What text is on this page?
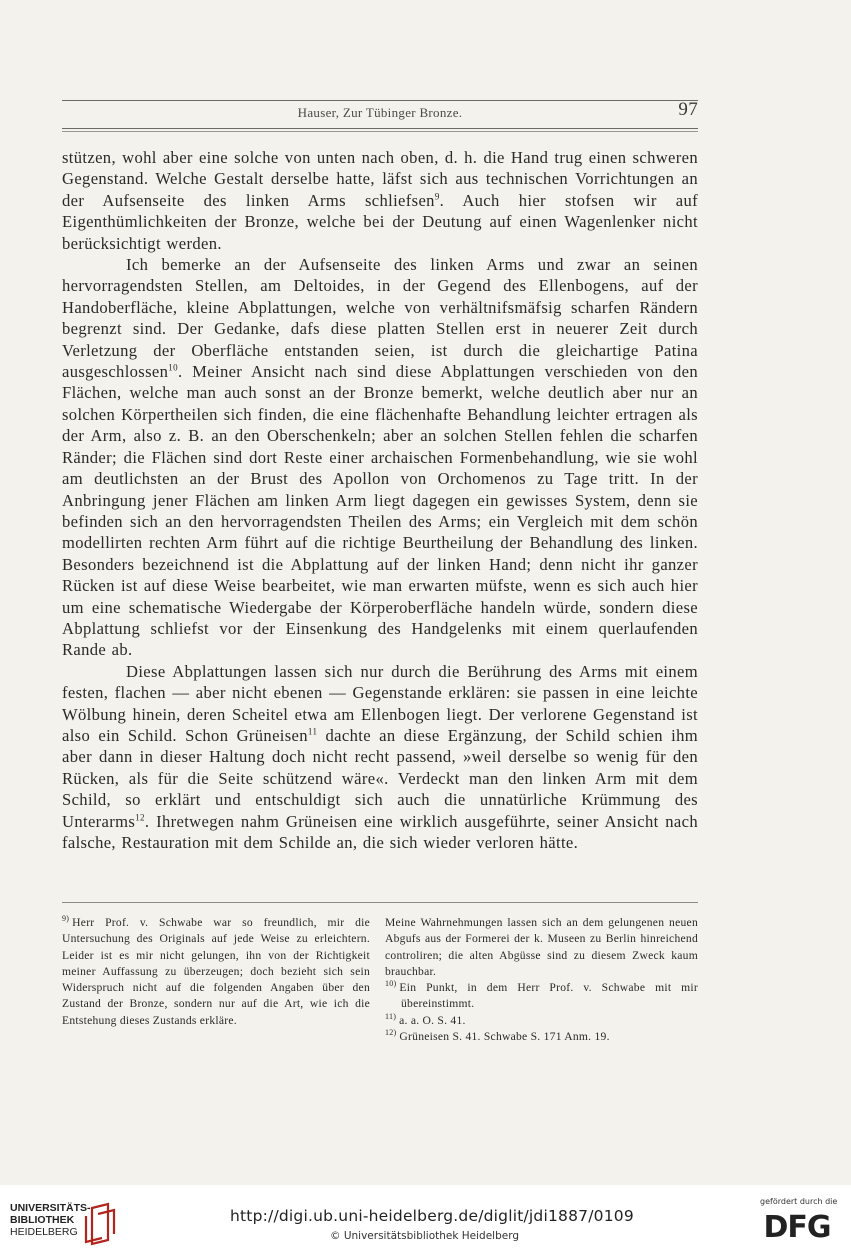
Hauser, Zur Tübinger Bronze.	97

stützen, wohl aber eine solche von unten nach oben, d. h. die Hand trug einen schweren Gegenstand. Welche Gestalt derselbe hatte, läfst sich aus technischen Vorrichtungen an der Aufsenseite des linken Arms schliefsen$^9$. Auch hier stofsen wir auf Eigenthümlichkeiten der Bronze, welche bei der Deutung auf einen Wagenlenker nicht berücksichtigt werden.

Ich bemerke an der Aufsenseite des linken Arms und zwar an seinen hervorragendsten Stellen, am Deltoides, in der Gegend des Ellenbogens, auf der Handoberfläche, kleine Abplattungen, welche von verhältnifsmäfsig scharfen Rändern begrenzt sind. Der Gedanke, dafs diese platten Stellen erst in neuerer Zeit durch Verletzung der Oberfläche entstanden seien, ist durch die gleichartige Patina ausgeschlossen$^{10}$. Meiner Ansicht nach sind diese Abplattungen verschieden von den Flächen, welche man auch sonst an der Bronze bemerkt, welche deutlich aber nur an solchen Körpertheilen sich finden, die eine flächenhafte Behandlung leichter ertragen als der Arm, also z. B. an den Oberschenkeln; aber an solchen Stellen fehlen die scharfen Ränder; die Flächen sind dort Reste einer archaischen Formenbehandlung, wie sie wohl am deutlichsten an der Brust des Apollon von Orchomenos zu Tage tritt. In der Anbringung jener Flächen am linken Arm liegt dagegen ein gewisses System, denn sie befinden sich an den hervorragendsten Theilen des Arms; ein Vergleich mit dem schön modellirten rechten Arm führt auf die richtige Beurtheilung der Behandlung des linken. Besonders bezeichnend ist die Abplattung auf der linken Hand; denn nicht ihr ganzer Rücken ist auf diese Weise bearbeitet, wie man erwarten müfste, wenn es sich auch hier um eine schematische Wiedergabe der Körperoberfläche handeln würde, sondern diese Abplattung schliefst vor der Einsenkung des Handgelenks mit einem querlaufenden Rande ab.

Diese Abplattungen lassen sich nur durch die Berührung des Arms mit einem festen, flachen — aber nicht ebenen — Gegenstande erklären: sie passen in eine leichte Wölbung hinein, deren Scheitel etwa am Ellenbogen liegt. Der verlorene Gegenstand ist also ein Schild. Schon Grüneisen$^{11}$ dachte an diese Ergänzung, der Schild schien ihm aber dann in dieser Haltung doch nicht recht passend, »weil derselbe so wenig für den Rücken, als für die Seite schützend wäre«. Verdeckt man den linken Arm mit dem Schild, so erklärt und entschuldigt sich auch die unnatürliche Krümmung des Unterarms$^{12}$. Ihretwegen nahm Grüneisen eine wirklich ausgeführte, seiner Ansicht nach falsche, Restauration mit dem Schilde an, die sich wieder verloren hätte.

$^{9)}$ Herr Prof. v. Schwabe war so freundlich, mir die Untersuchung des Originals auf jede Weise zu erleichtern. Leider ist es mir nicht gelungen, ihn von der Richtigkeit meiner Auffassung zu überzeugen; doch bezieht sich sein Widerspruch nicht auf die folgenden Angaben über den Zustand der Bronze, sondern nur auf die Art, wie ich die Entstehung dieses Zustands erkläre.

Meine Wahrnehmungen lassen sich an dem gelungenen neuen Abgufs aus der Formerei der k. Museen zu Berlin hinreichend controliren; die alten Abgüsse sind zu diesem Zweck kaum brauchbar.

$^{10)}$ Ein Punkt, in dem Herr Prof. v. Schwabe mit mir übereinstimmt.

$^{11)}$ a. a. O. S. 41.

$^{12)}$ Grüneisen S. 41. Schwabe S. 171 Anm. 19.

UNIVERSITÄTS-
BIBLIOTHEK
HEIDELBERG
http://digi.ub.uni-heidelberg.de/diglit/jdi1887/0109
© Universitätsbibliothek Heidelberg
gefördert durch die
DFG
